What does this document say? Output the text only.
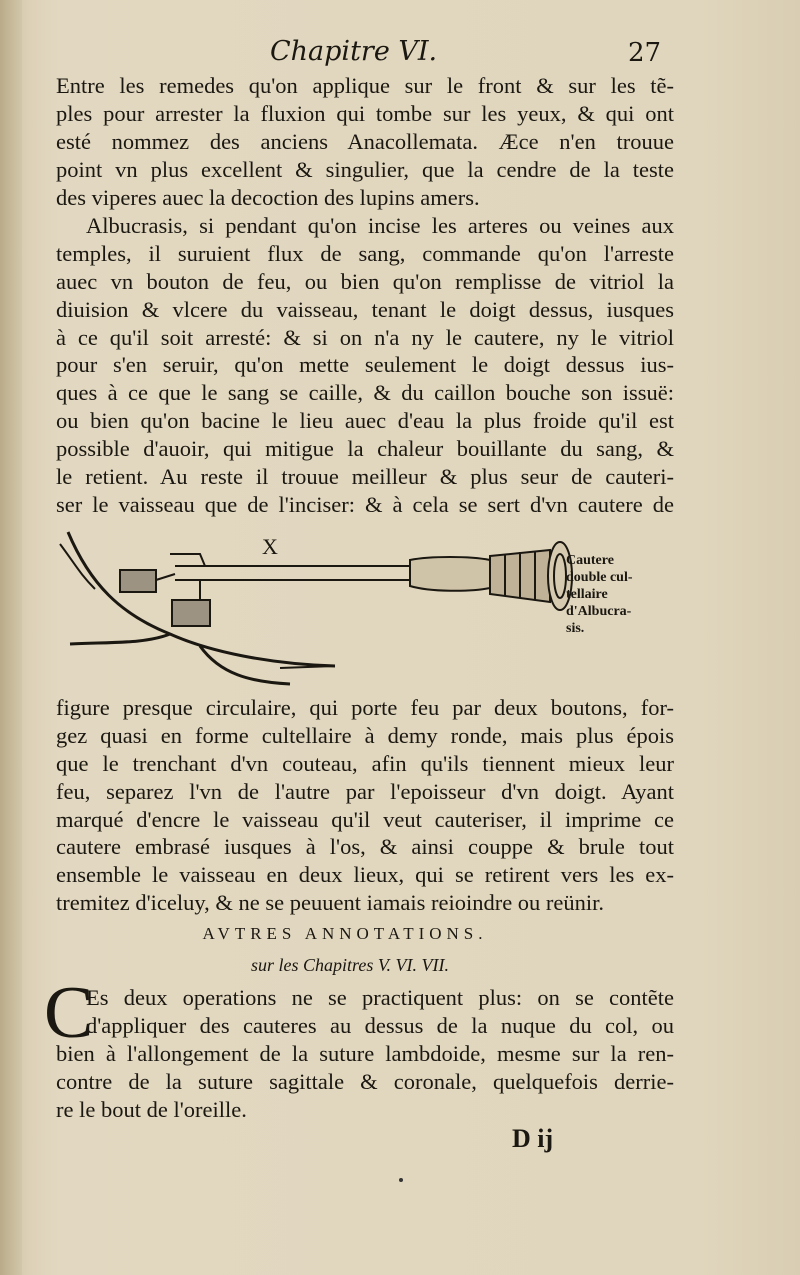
Chapitre VI.	27
Entre les remedes qu'on applique sur le front & sur les tẽ-
ples pour arrester la fluxion qui tombe sur les yeux, & qui ont
esté nommez des anciens Anacollemata. Æce n'en trouue
point vn plus excellent & singulier, que la cendre de la teste
des viperes auec la decoction des lupins amers.
Albucrasis, si pendant qu'on incise les arteres ou veines aux
temples, il suruient flux de sang, commande qu'on l'arreste
auec vn bouton de feu, ou bien qu'on remplisse de vitriol la
diuision & vlcere du vaisseau, tenant le doigt dessus, iusques
à ce qu'il soit arresté: & si on n'a ny le cautere, ny le vitriol
pour s'en seruir, qu'on mette seulement le doigt dessus ius-
ques à ce que le sang se caille, & du caillon bouche son issuë:
ou bien qu'on bacine le lieu auec d'eau la plus froide qu'il est
possible d'auoir, qui mitigue la chaleur bouillante du sang, &
le retient. Au reste il trouue meilleur & plus seur de cauteri-
ser le vaisseau que de l'inciser: & à cela se sert d'vn cautere de
X
Cautere
double cul-
tellaire
d'Albucra-
sis.
figure presque circulaire, qui porte feu par deux boutons, for-
gez quasi en forme cultellaire à demy ronde, mais plus épois
que le trenchant d'vn couteau, afin qu'ils tiennent mieux leur
feu, separez l'vn de l'autre par l'epoisseur d'vn doigt. Ayant
marqué d'encre le vaisseau qu'il veut cauteriser, il imprime ce
cautere embrasé iusques à l'os, & ainsi couppe & brule tout
ensemble le vaisseau en deux lieux, qui se retirent vers les ex-
tremitez d'iceluy, & ne se peuuent iamais reioindre ou reünir.
AVTRES ANNOTATIONS.
sur les Chapitres V. VI. VII.
C
Es deux operations ne se practiquent plus: on se contẽte
d'appliquer des cauteres au dessus de la nuque du col, ou
bien à l'allongement de la suture lambdoide, mesme sur la ren-
contre de la suture sagittale & coronale, quelquefois derrie-
re le bout de l'oreille.
D ij
